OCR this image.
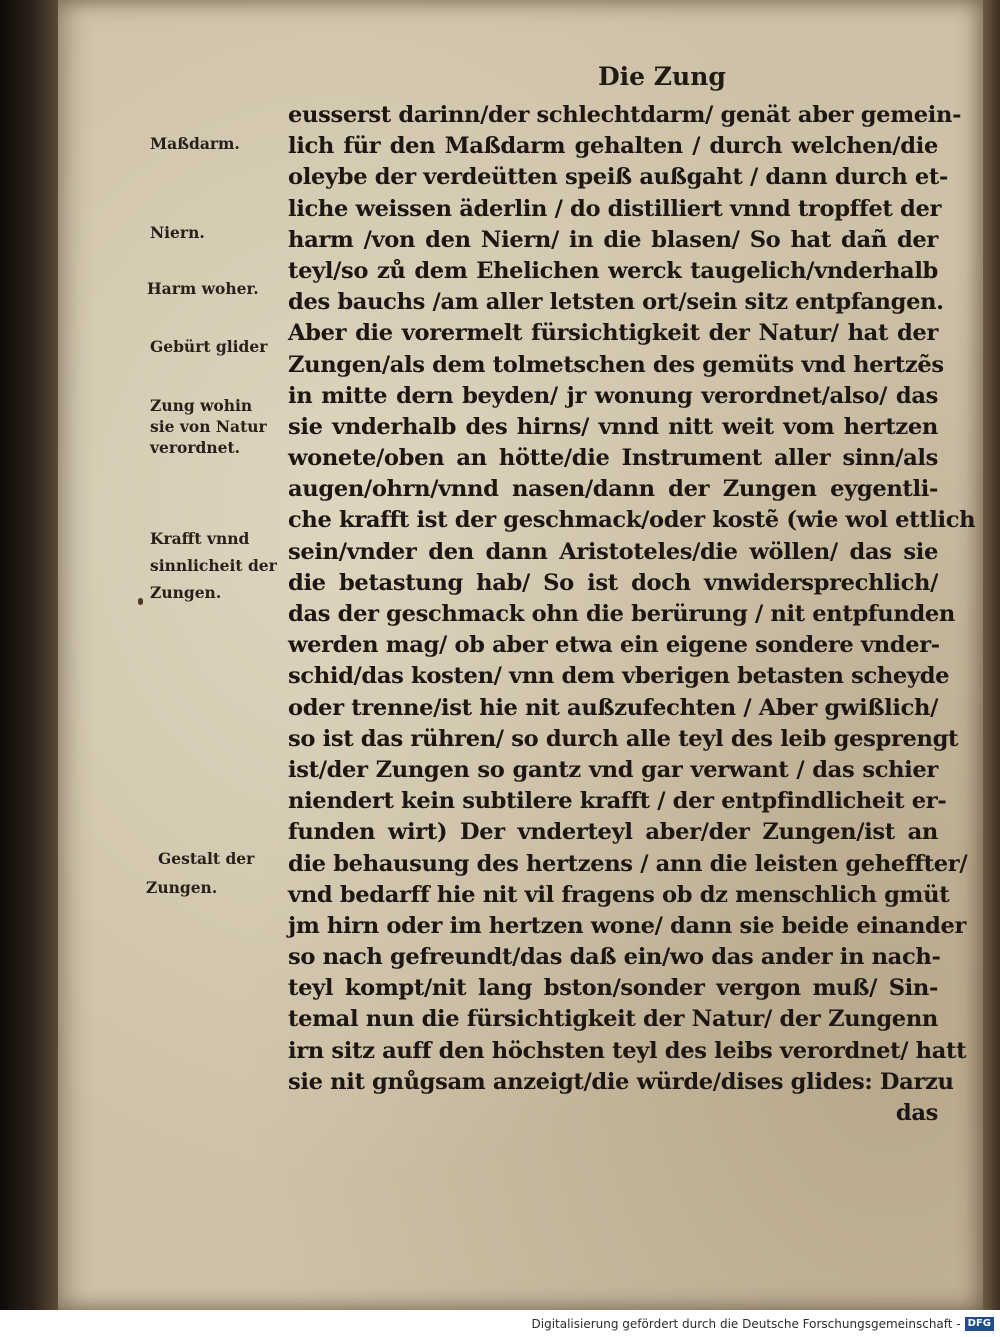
Die Zung
Maßdarm.
Niern.
Harm woher.
Gebürt glider
Zung wohin
sie von Natur
verordnet.
Krafft vnnd
sinnlicheit der
Zungen.
Gestalt der
Zungen.
eusserst darinn/der schlechtdarm/ genät aber gemein-
lich für den Maßdarm gehalten / durch welchen/die
oleybe der verdeütten speiß außgaht / dann durch et-
liche weissen äderlin / do distilliert vnnd tropffet der
harm /von den Niern/ in die blasen/ So hat dañ der
teyl/so zů dem Ehelichen werck taugelich/vnderhalb
des bauchs /am aller letsten ort/sein sitz entpfangen.
Aber die vorermelt fürsichtigkeit der Natur/ hat der
Zungen/als dem tolmetschen des gemüts vnd hertzẽs
in mitte dern beyden/ jr wonung verordnet/also/ das
sie vnderhalb des hirns/ vnnd nitt weit vom hertzen
wonete/oben an hötte/die Instrument aller sinn/als
augen/ohrn/vnnd nasen/dann der Zungen eygentli-
che krafft ist der geschmack/oder kostẽ (wie wol ettlich
sein/vnder den dann Aristoteles/die wöllen/ das sie
die betastung hab/ So ist doch vnwidersprechlich/
das der geschmack ohn die berürung / nit entpfunden
werden mag/ ob aber etwa ein eigene sondere vnder-
schid/das kosten/ vnn dem vberigen betasten scheyde
oder trenne/ist hie nit außzufechten / Aber gwißlich/
so ist das rühren/ so durch alle teyl des leib gesprengt
ist/der Zungen so gantz vnd gar verwant / das schier
niendert kein subtilere krafft / der entpfindlicheit er-
funden wirt) Der vnderteyl aber/der Zungen/ist an
die behausung des hertzens / ann die leisten geheffter/
vnd bedarff hie nit vil fragens ob dz menschlich gmüt
jm hirn oder im hertzen wone/ dann sie beide einander
so nach gefreundt/das daß ein/wo das ander in nach-
teyl kompt/nit lang bston/sonder vergon muß/ Sin-
temal nun die fürsichtigkeit der Natur/ der Zungenn
irn sitz auff den höchsten teyl des leibs verordnet/ hatt
sie nit gnůgsam anzeigt/die würde/dises glides: Darzu
das
Digitalisierung gefördert durch die Deutsche Forschungsgemeinschaft - DFG
